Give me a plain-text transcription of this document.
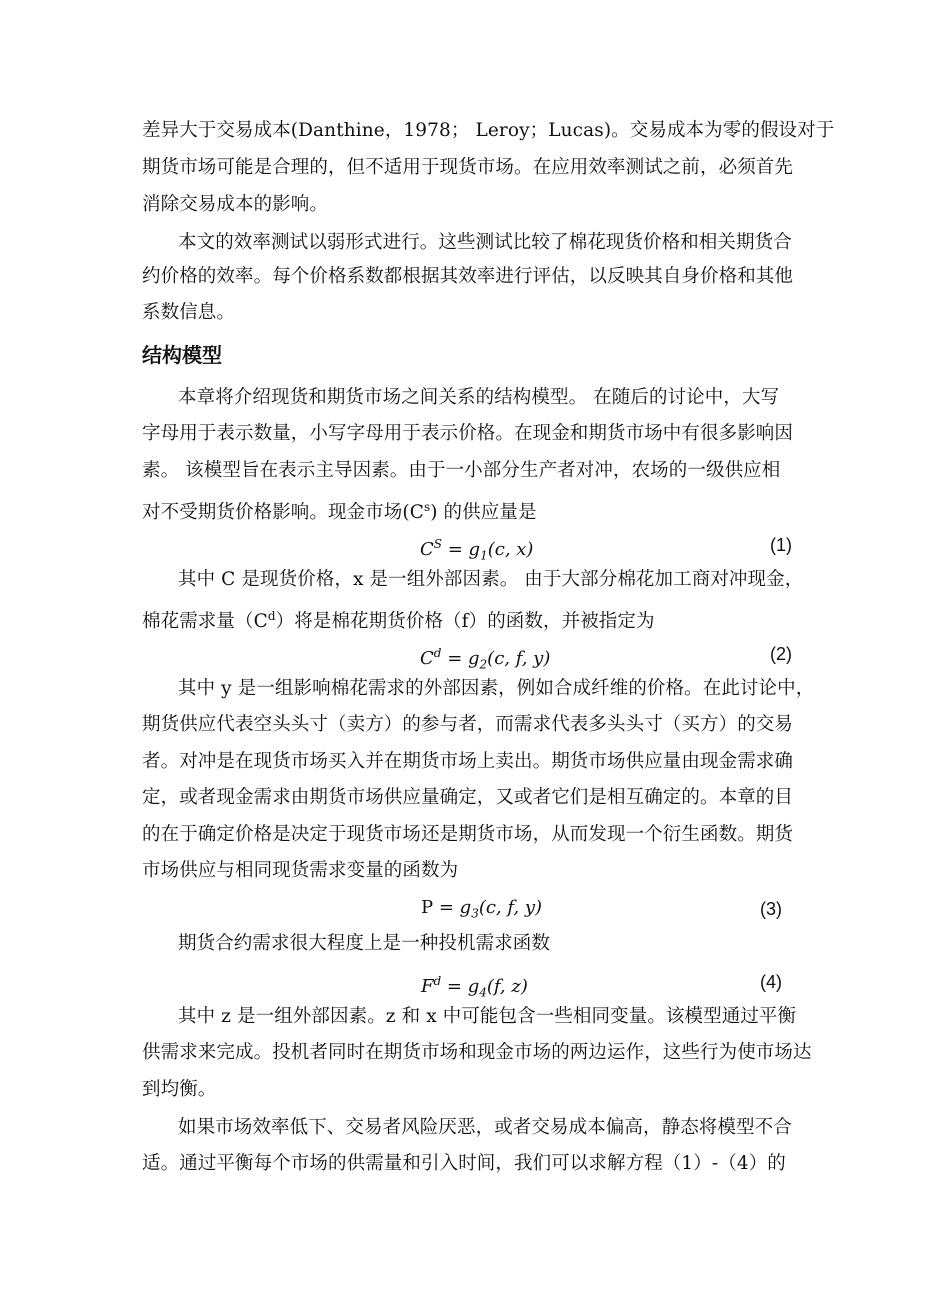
差异大于交易成本(Danthine，1978； Leroy；Lucas)。交易成本为零的假设对于
期货市场可能是合理的，但不适用于现货市场。在应用效率测试之前，必须首先
消除交易成本的影响。
本文的效率测试以弱形式进行。这些测试比较了棉花现货价格和相关期货合
约价格的效率。每个价格系数都根据其效率进行评估，以反映其自身价格和其他
系数信息。
结构模型
本章将介绍现货和期货市场之间关系的结构模型。 在随后的讨论中，大写
字母用于表示数量，小写字母用于表示价格。在现金和期货市场中有很多影响因
素。 该模型旨在表示主导因素。由于一小部分生产者对冲，农场的一级供应相
对不受期货价格影响。现金市场$(C^s)$ 的供应量是
$C^S = g_1(c$, x)	(1)
其中 C 是现货价格，x 是一组外部因素。 由于大部分棉花加工商对冲现金，
棉花需求量$(C^d)$将是棉花期货价格（f）的函数，并被指定为
$C^d = g_2(c$, f, y)	(2)
其中 y 是一组影响棉花需求的外部因素，例如合成纤维的价格。在此讨论中，
期货供应代表空头头寸（卖方）的参与者，而需求代表多头头寸（买方）的交易
者。对冲是在现货市场买入并在期货市场上卖出。期货市场供应量由现金需求确
定，或者现金需求由期货市场供应量确定，又或者它们是相互确定的。本章的目
的在于确定价格是决定于现货市场还是期货市场，从而发现一个衍生函数。期货
市场供应与相同现货需求变量的函数为
$P = g_3(c$, f, y)	(3)
期货合约需求很大程度上是一种投机需求函数
$F^d = g_4(f$, z)	(4)
其中 z 是一组外部因素。z 和 x 中可能包含一些相同变量。该模型通过平衡
供需求来完成。投机者同时在期货市场和现金市场的两边运作，这些行为使市场达
到均衡。
如果市场效率低下、交易者风险厌恶，或者交易成本偏高，静态将模型不合
适。通过平衡每个市场的供需量和引入时间，我们可以求解方程（1）-（4）的
